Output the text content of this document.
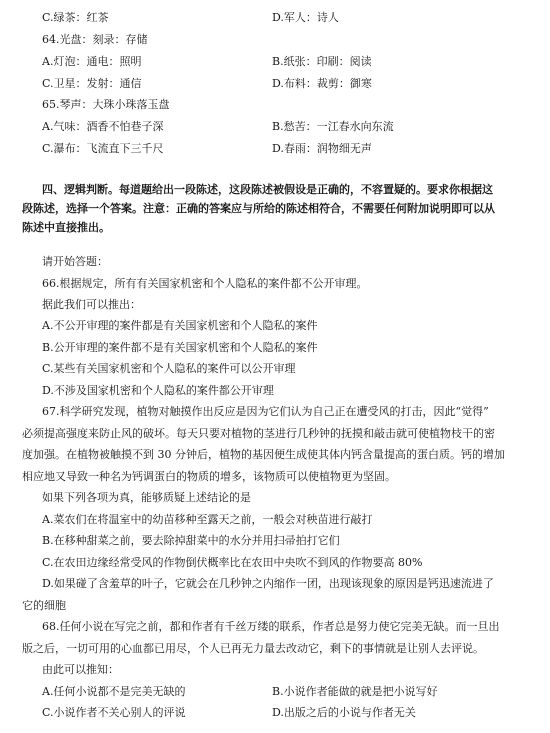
C.绿茶：红茶	D.军人：诗人
64.光盘：刻录：存储
A.灯泡：通电：照明	B.纸张：印刷：阅读
C.卫星：发射：通信	D.布料：裁剪：御寒
65.琴声：大珠小珠落玉盘
A.气味：酒香不怕巷子深	B.愁苦：一江春水向东流
C.瀑布：飞流直下三千尺	D.春雨：润物细无声
四、逻辑判断。每道题给出一段陈述，这段陈述被假设是正确的，不容置疑的。要求你根据这
段陈述，选择一个答案。注意：正确的答案应与所给的陈述相符合，不需要任何附加说明即可以从
陈述中直接推出。
请开始答题：
66.根据规定，所有有关国家机密和个人隐私的案件都不公开审理。
据此我们可以推出：
A.不公开审理的案件都是有关国家机密和个人隐私的案件
B.公开审理的案件都不是有关国家机密和个人隐私的案件
C.某些有关国家机密和个人隐私的案件可以公开审理
D.不涉及国家机密和个人隐私的案件都公开审理
67.科学研究发现，植物对触摸作出反应是因为它们认为自己正在遭受风的打击，因此“觉得”
必须提高强度来防止风的破坏。每天只要对植物的茎进行几秒钟的抚摸和敲击就可使植物枝干的密
度加强。在植物被触摸不到 30 分钟后，植物的基因便生成使其体内钙含量提高的蛋白质。钙的增加
相应地又导致一种名为钙调蛋白的物质的增多，该物质可以使植物更为坚固。
如果下列各项为真，能够质疑上述结论的是
A.菜农们在将温室中的幼苗移种至露天之前，一般会对秧苗进行敲打
B.在移种甜菜之前，要去除掉甜菜中的水分并用扫帚拍打它们
C.在农田边缘经常受风的作物倒伏概率比在农田中央吹不到风的作物要高 80%
D.如果碰了含羞草的叶子，它就会在几秒钟之内缩作一团，出现该现象的原因是钙迅速流进了
它的细胞
68.任何小说在写完之前，都和作者有千丝万缕的联系，作者总是努力使它完美无缺。而一旦出
版之后，一切可用的心血都已用尽，个人已再无力量去改动它，剩下的事情就是让别人去评说。
由此可以推知：
A.任何小说都不是完美无缺的	B.小说作者能做的就是把小说写好
C.小说作者不关心别人的评说	D.出版之后的小说与作者无关
